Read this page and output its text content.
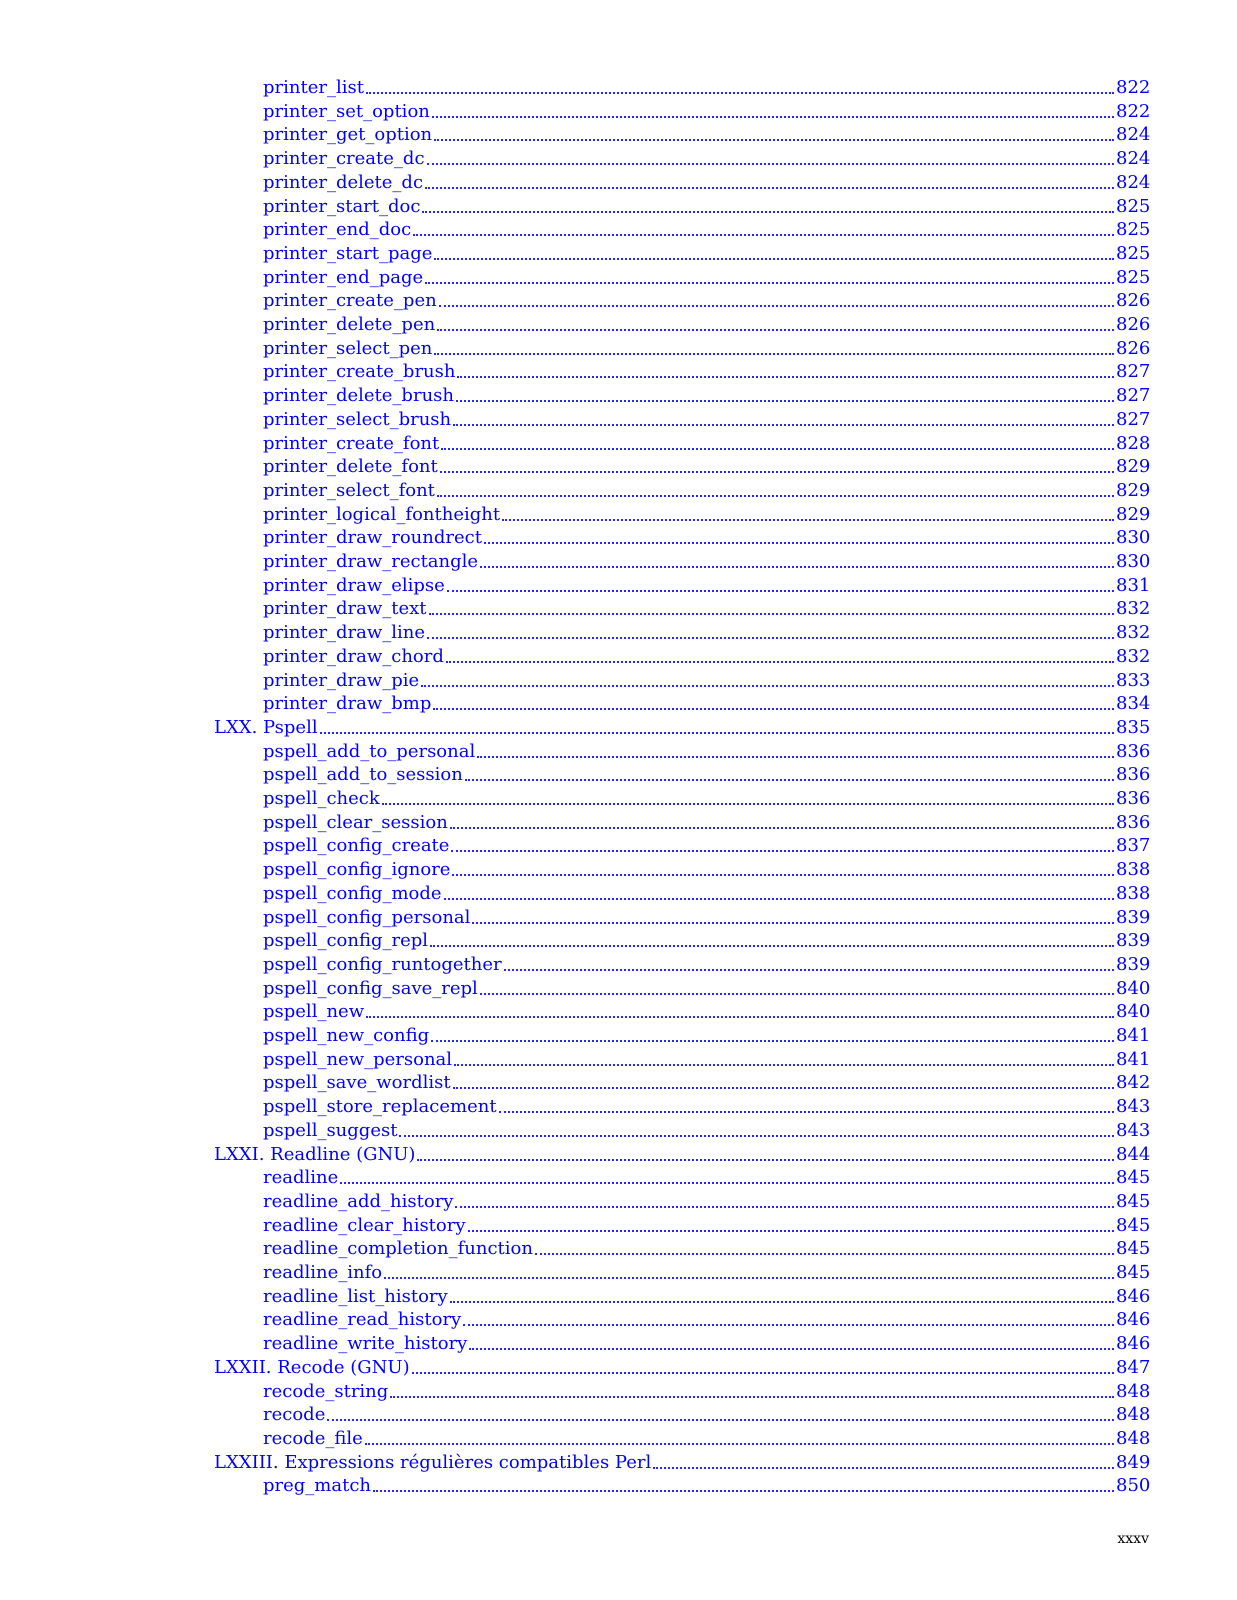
printer_list	822
printer_set_option	822
printer_get_option	824
printer_create_dc	824
printer_delete_dc	824
printer_start_doc	825
printer_end_doc	825
printer_start_page	825
printer_end_page	825
printer_create_pen	826
printer_delete_pen	826
printer_select_pen	826
printer_create_brush	827
printer_delete_brush	827
printer_select_brush	827
printer_create_font	828
printer_delete_font	829
printer_select_font	829
printer_logical_fontheight	829
printer_draw_roundrect	830
printer_draw_rectangle	830
printer_draw_elipse	831
printer_draw_text	832
printer_draw_line	832
printer_draw_chord	832
printer_draw_pie	833
printer_draw_bmp	834
LXX. Pspell	835
pspell_add_to_personal	836
pspell_add_to_session	836
pspell_check	836
pspell_clear_session	836
pspell_config_create	837
pspell_config_ignore	838
pspell_config_mode	838
pspell_config_personal	839
pspell_config_repl	839
pspell_config_runtogether	839
pspell_config_save_repl	840
pspell_new	840
pspell_new_config	841
pspell_new_personal	841
pspell_save_wordlist	842
pspell_store_replacement	843
pspell_suggest	843
LXXI. Readline (GNU)	844
readline	845
readline_add_history	845
readline_clear_history	845
readline_completion_function	845
readline_info	845
readline_list_history	846
readline_read_history	846
readline_write_history	846
LXXII. Recode (GNU)	847
recode_string	848
recode	848
recode_file	848
LXXIII. Expressions régulières compatibles Perl	849
preg_match	850
xxxv
